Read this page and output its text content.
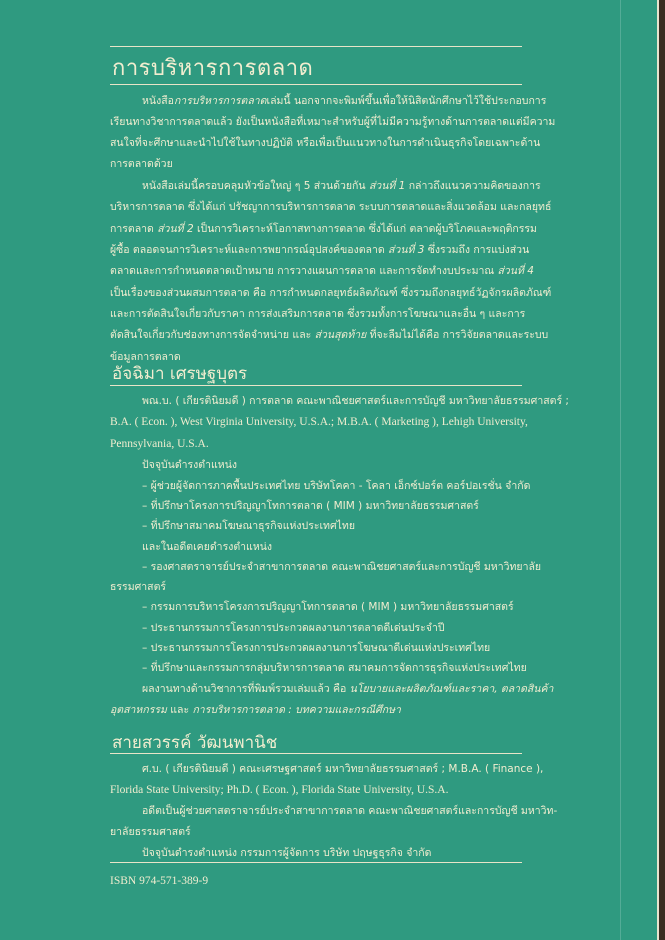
การบริหารการตลาด
หนังสือการบริหารการตลาดเล่มนี้ นอกจากจะพิมพ์ขึ้นเพื่อให้นิสิตนักศึกษาไว้ใช้ประกอบการ
เรียนทางวิชาการตลาดแล้ว ยังเป็นหนังสือที่เหมาะสำหรับผู้ที่ไม่มีความรู้ทางด้านการตลาดแต่มีความ
สนใจที่จะศึกษาและนำไปใช้ในทางปฏิบัติ หรือเพื่อเป็นแนวทางในการดำเนินธุรกิจโดยเฉพาะด้าน
การตลาดด้วย
หนังสือเล่มนี้ครอบคลุมหัวข้อใหญ่ ๆ 5 ส่วนด้วยกัน ส่วนที่ 1 กล่าวถึงแนวความคิดของการ
บริหารการตลาด ซึ่งได้แก่ ปรัชญาการบริหารการตลาด ระบบการตลาดและสิ่งแวดล้อม และกลยุทธ์
การตลาด ส่วนที่ 2 เป็นการวิเคราะห์โอกาสทางการตลาด ซึ่งได้แก่ ตลาดผู้บริโภคและพฤติกรรม
ผู้ซื้อ ตลอดจนการวิเคราะห์และการพยากรณ์อุปสงค์ของตลาด ส่วนที่ 3 ซึ่งรวมถึง การแบ่งส่วน
ตลาดและการกำหนดตลาดเป้าหมาย การวางแผนการตลาด และการจัดทำงบประมาณ ส่วนที่ 4
เป็นเรื่องของส่วนผสมการตลาด คือ การกำหนดกลยุทธ์ผลิตภัณฑ์ ซึ่งรวมถึงกลยุทธ์วัฏจักรผลิตภัณฑ์
และการตัดสินใจเกี่ยวกับราคา การส่งเสริมการตลาด ซึ่งรวมทั้งการโฆษณาและอื่น ๆ และการ
ตัดสินใจเกี่ยวกับช่องทางการจัดจำหน่าย และ ส่วนสุดท้าย ที่จะลืมไม่ได้คือ การวิจัยตลาดและระบบ
ข้อมูลการตลาด
อัจฉิมา เศรษฐบุตร
พณ.บ. ( เกียรตินิยมดี ) การตลาด คณะพาณิชยศาสตร์และการบัญชี มหาวิทยาลัยธรรมศาสตร์ ;
B.A. ( Econ. ), West Virginia University, U.S.A.; M.B.A. ( Marketing ), Lehigh University,
Pennsylvania, U.S.A.
ปัจจุบันดำรงตำแหน่ง
– ผู้ช่วยผู้จัดการภาคพื้นประเทศไทย บริษัทโคคา - โคลา เอ็กซ์ปอร์ต คอร์ปอเรชั่น จำกัด
– ที่ปรึกษาโครงการปริญญาโทการตลาด ( MIM ) มหาวิทยาลัยธรรมศาสตร์
– ที่ปรึกษาสมาคมโฆษณาธุรกิจแห่งประเทศไทย
และในอดีตเคยดำรงตำแหน่ง
– รองศาสตราจารย์ประจำสาขาการตลาด คณะพาณิชยศาสตร์และการบัญชี มหาวิทยาลัย
ธรรมศาสตร์
– กรรมการบริหารโครงการปริญญาโทการตลาด ( MIM ) มหาวิทยาลัยธรรมศาสตร์
– ประธานกรรมการโครงการประกวดผลงานการตลาดดีเด่นประจำปี
– ประธานกรรมการโครงการประกวดผลงานการโฆษณาดีเด่นแห่งประเทศไทย
– ที่ปรึกษาและกรรมการกลุ่มบริหารการตลาด สมาคมการจัดการธุรกิจแห่งประเทศไทย
ผลงานทางด้านวิชาการที่พิมพ์รวมเล่มแล้ว คือ นโยบายและผลิตภัณฑ์และราคา, ตลาดสินค้า
อุตสาหกรรม และ การบริหารการตลาด : บทความและกรณีศึกษา
สายสวรรค์ วัฒนพานิช
ศ.บ. ( เกียรตินิยมดี ) คณะเศรษฐศาสตร์ มหาวิทยาลัยธรรมศาสตร์ ; M.B.A. ( Finance ),
Florida State University; Ph.D. ( Econ. ), Florida State University, U.S.A.
อดีตเป็นผู้ช่วยศาสตราจารย์ประจำสาขาการตลาด คณะพาณิชยศาสตร์และการบัญชี มหาวิท-
ยาลัยธรรมศาสตร์
ปัจจุบันดำรงตำแหน่ง กรรมการผู้จัดการ บริษัท ปฤษฐธุรกิจ จำกัด
ISBN 974-571-389-9
